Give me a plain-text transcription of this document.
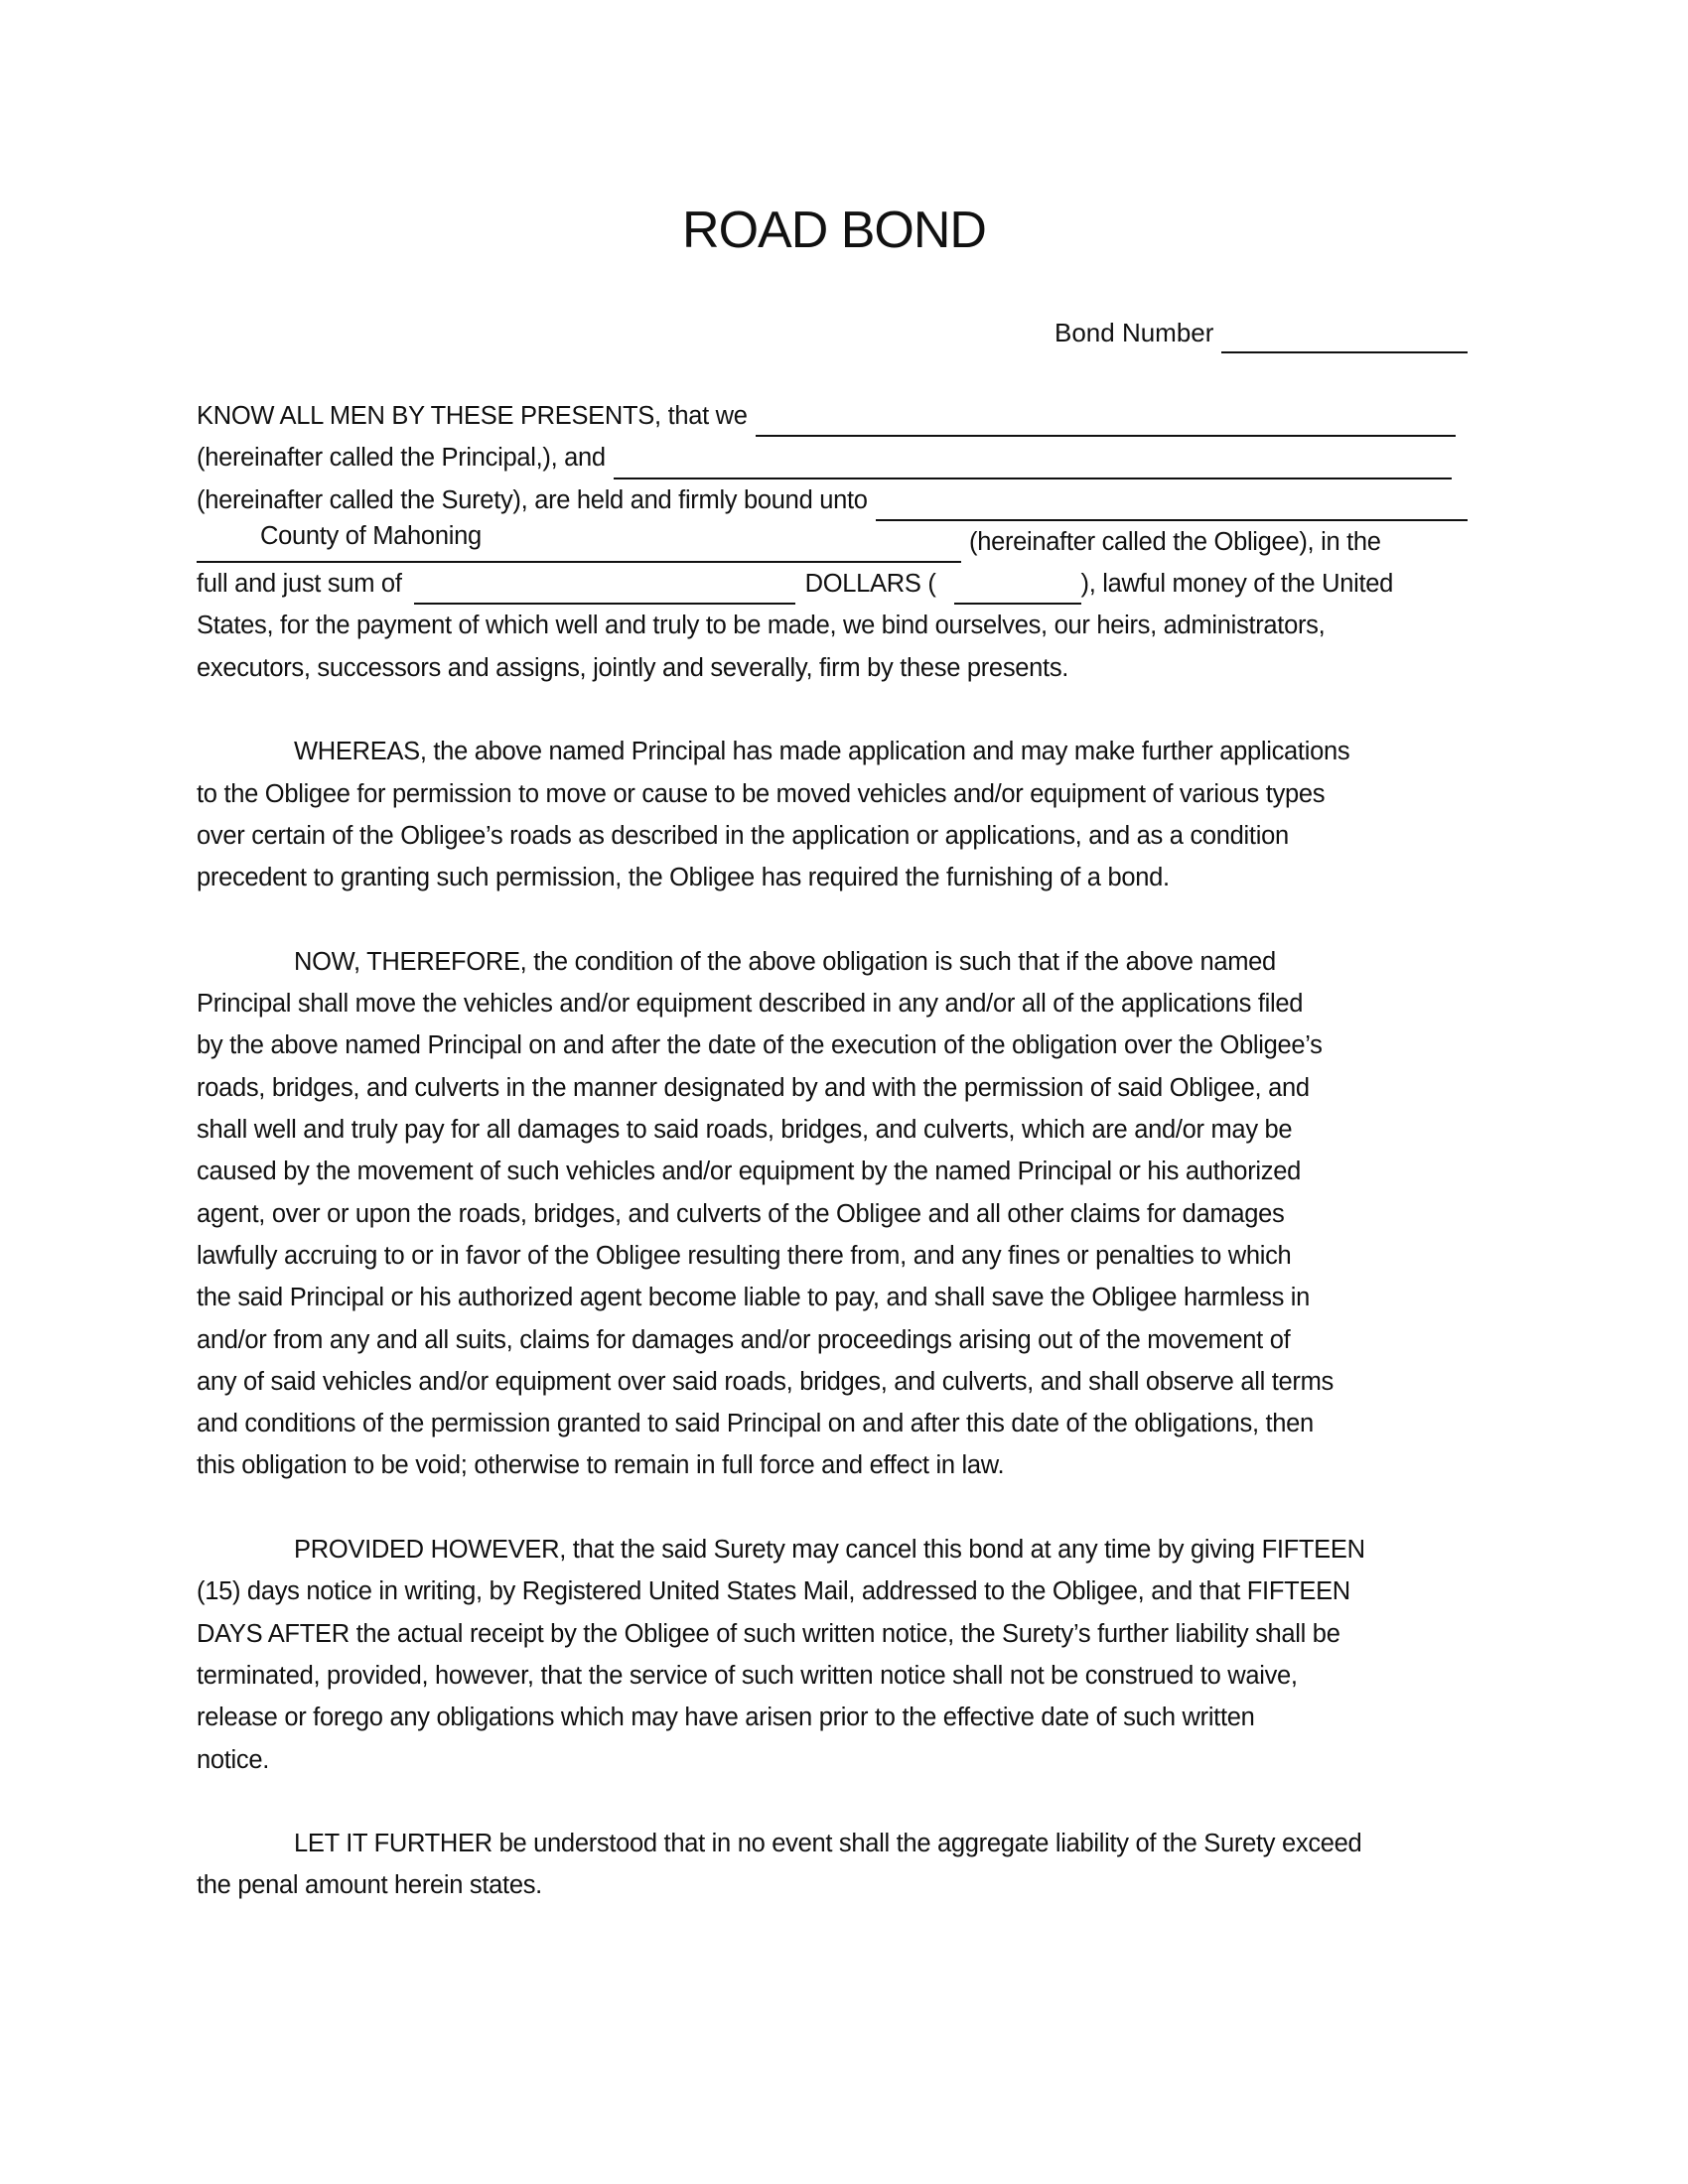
ROAD BOND
Bond Number
KNOW ALL MEN BY THESE PRESENTS, that we
(hereinafter called the Principal,), and
(hereinafter called the Surety), are held and firmly bound unto
County of Mahoning	(hereinafter called the Obligee), in the
full and just sum of	DOLLARS (	), lawful money of the United
States, for the payment of which well and truly to be made, we bind ourselves, our heirs, administrators,
executors, successors and assigns, jointly and severally, firm by these presents.
WHEREAS, the above named Principal has made application and may make further applications
to the Obligee for permission to move or cause to be moved vehicles and/or equipment of various types
over certain of the Obligee’s roads as described in the application or applications, and as a condition
precedent to granting such permission, the Obligee has required the furnishing of a bond.
NOW, THEREFORE, the condition of the above obligation is such that if the above named
Principal shall move the vehicles and/or equipment described in any and/or all of the applications filed
by the above named Principal on and after the date of the execution of the obligation over the Obligee’s
roads, bridges, and culverts in the manner designated by and with the permission of said Obligee, and
shall well and truly pay for all damages to said roads, bridges, and culverts, which are and/or may be
caused by the movement of such vehicles and/or equipment by the named Principal or his authorized
agent, over or upon the roads, bridges, and culverts of the Obligee and all other claims for damages
lawfully accruing to or in favor of the Obligee resulting there from, and any fines or penalties to which
the said Principal or his authorized agent become liable to pay, and shall save the Obligee harmless in
and/or from any and all suits, claims for damages and/or proceedings arising out of the movement of
any of said vehicles and/or equipment over said roads, bridges, and culverts, and shall observe all terms
and conditions of the permission granted to said Principal on and after this date of the obligations, then
this obligation to be void; otherwise to remain in full force and effect in law.
PROVIDED HOWEVER, that the said Surety may cancel this bond at any time by giving FIFTEEN
(15) days notice in writing, by Registered United States Mail, addressed to the Obligee, and that FIFTEEN
DAYS AFTER the actual receipt by the Obligee of such written notice, the Surety’s further liability shall be
terminated, provided, however, that the service of such written notice shall not be construed to waive,
release or forego any obligations which may have arisen prior to the effective date of such written
notice.
LET IT FURTHER be understood that in no event shall the aggregate liability of the Surety exceed
the penal amount herein states.
